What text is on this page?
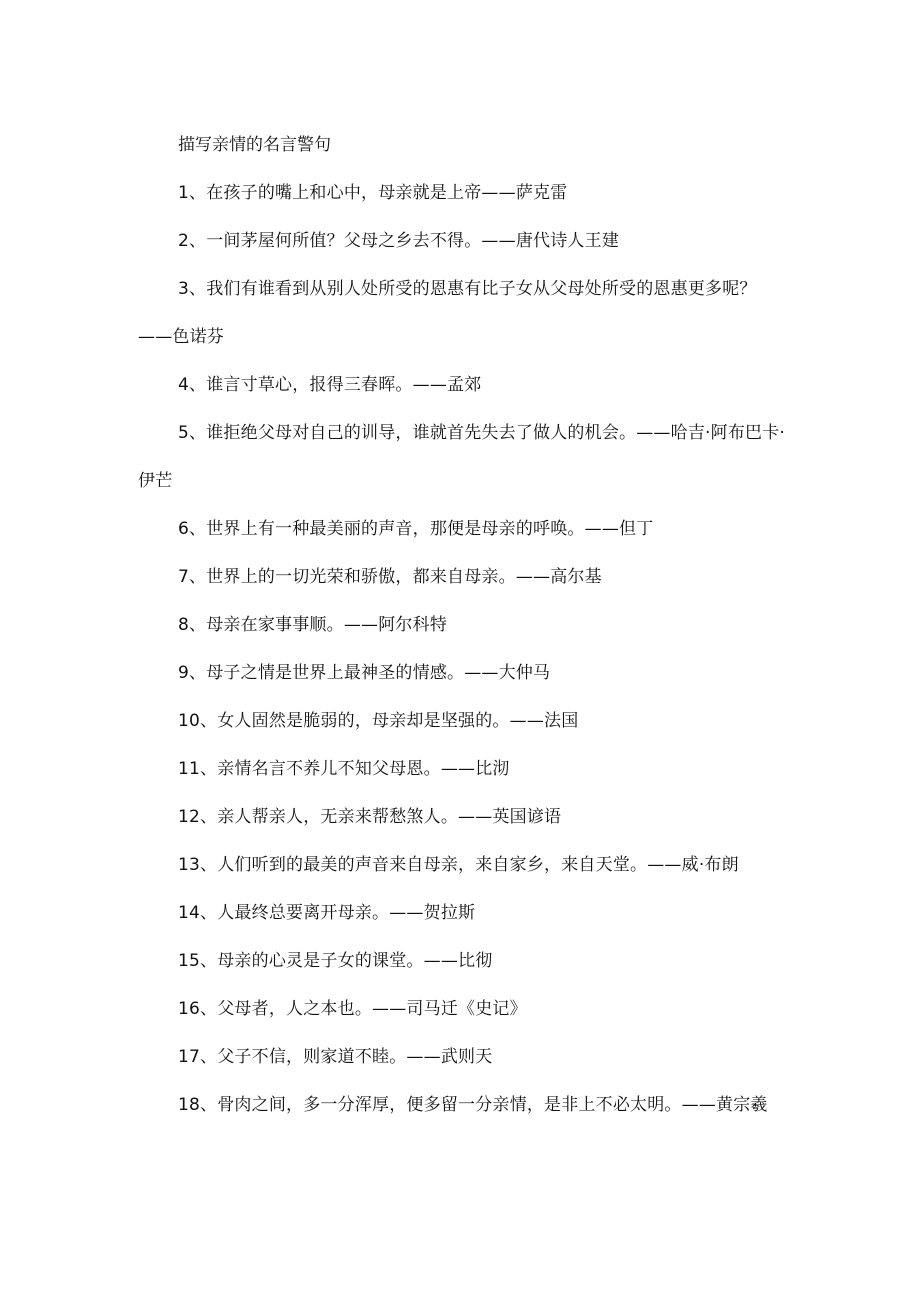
描写亲情的名言警句

1、在孩子的嘴上和心中，母亲就是上帝——萨克雷

2、一间茅屋何所值？父母之乡去不得。——唐代诗人王建

3、我们有谁看到从别人处所受的恩惠有比子女从父母处所受的恩惠更多呢？——色诺芬

4、谁言寸草心，报得三春晖。——孟郊

5、谁拒绝父母对自己的训导，谁就首先失去了做人的机会。——哈吉·阿布巴卡·伊芒

6、世界上有一种最美丽的声音，那便是母亲的呼唤。——但丁

7、世界上的一切光荣和骄傲，都来自母亲。——高尔基

8、母亲在家事事顺。——阿尔科特

9、母子之情是世界上最神圣的情感。——大仲马

10、女人固然是脆弱的，母亲却是坚强的。——法国

11、亲情名言不养儿不知父母恩。——比沏

12、亲人帮亲人，无亲来帮愁煞人。——英国谚语

13、人们听到的最美的声音来自母亲，来自家乡，来自天堂。——威·布朗

14、人最终总要离开母亲。——贺拉斯

15、母亲的心灵是子女的课堂。——比彻

16、父母者，人之本也。——司马迁《史记》

17、父子不信，则家道不睦。——武则天

18、骨肉之间，多一分浑厚，便多留一分亲情，是非上不必太明。——黄宗羲
